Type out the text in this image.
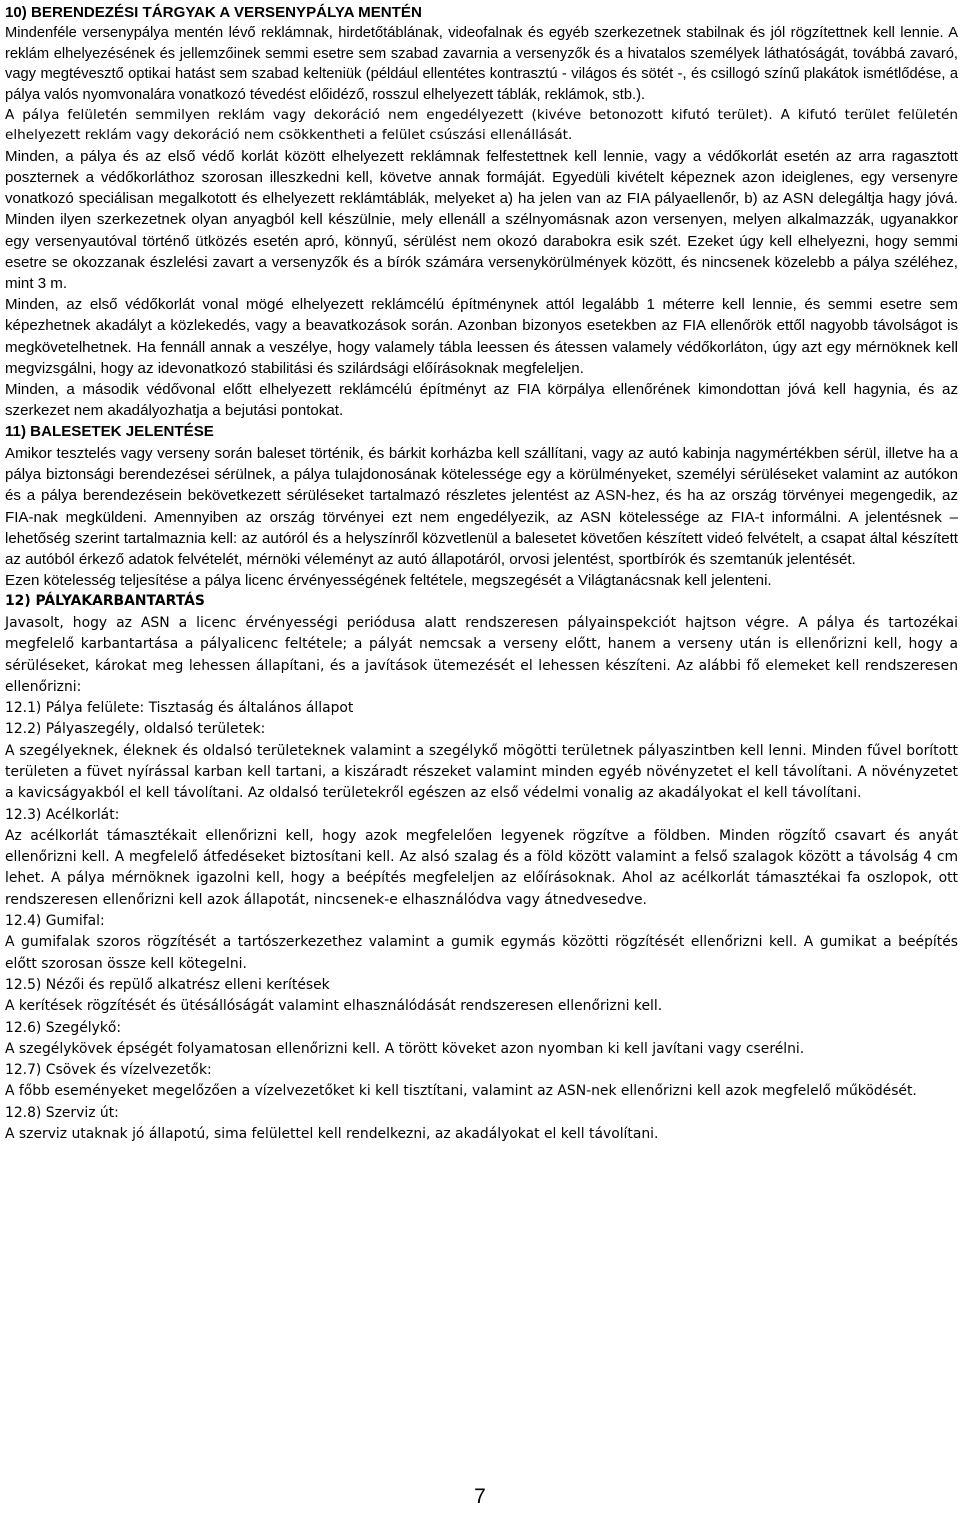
10) BERENDEZÉSI TÁRGYAK A VERSENYPÁLYA MENTÉN

Mindenféle versenypálya mentén lévő reklámnak, hirdetőtáblának, videofalnak és egyéb szerkezetnek stabilnak és jól rögzítettnek kell lennie. A reklám elhelyezésének és jellemzőinek semmi esetre sem szabad zavarnia a versenyzők és a hivatalos személyek láthatóságát, továbbá zavaró, vagy megtévesztő optikai hatást sem szabad kelteniük (például ellentétes kontrasztú - világos és sötét -, és csillogó színű plakátok ismétlődése, a pálya valós nyomvonalára vonatkozó tévedést előidéző, rosszul elhelyezett táblák, reklámok, stb.).

A pálya felületén semmilyen reklám vagy dekoráció nem engedélyezett (kivéve betonozott kifutó terület). A kifutó terület felületén elhelyezett reklám vagy dekoráció nem csökkentheti a felület csúszási ellenállását.

Minden, a pálya és az első védő korlát között elhelyezett reklámnak felfestettnek kell lennie, vagy a védőkorlát esetén az arra ragasztott poszternek a védőkorláthoz szorosan illeszkedni kell, követve annak formáját. Egyedüli kivételt képeznek azon ideiglenes, egy versenyre vonatkozó speciálisan megalkotott és elhelyezett reklámtáblák, melyeket a) ha jelen van az FIA pályaellenőr, b) az ASN delegáltja hagy jóvá. Minden ilyen szerkezetnek olyan anyagból kell készülnie, mely ellenáll a szélnyomásnak azon versenyen, melyen alkalmazzák, ugyanakkor egy versenyautóval történő ütközés esetén apró, könnyű, sérülést nem okozó darabokra esik szét. Ezeket úgy kell elhelyezni, hogy semmi esetre se okozzanak észlelési zavart a versenyzők és a bírók számára versenykörülmények között, és nincsenek közelebb a pálya széléhez, mint 3 m.

Minden, az első védőkorlát vonal mögé elhelyezett reklámcélú építménynek attól legalább 1 méterre kell lennie, és semmi esetre sem képezhetnek akadályt a közlekedés, vagy a beavatkozások során. Azonban bizonyos esetekben az FIA ellenőrök ettől nagyobb távolságot is megkövetelhetnek. Ha fennáll annak a veszélye, hogy valamely tábla leessen és átessen valamely védőkorláton, úgy azt egy mérnöknek kell megvizsgálni, hogy az idevonatkozó stabilitási és szilárdsági előírásoknak megfeleljen.

Minden, a második védővonal előtt elhelyezett reklámcélú építményt az FIA körpálya ellenőrének kimondottan jóvá kell hagynia, és az szerkezet nem akadályozhatja a bejutási pontokat.

11) BALESETEK JELENTÉSE

Amikor tesztelés vagy verseny során baleset történik, és bárkit korházba kell szállítani, vagy az autó kabinja nagymértékben sérül, illetve ha a pálya biztonsági berendezései sérülnek, a pálya tulajdonosának kötelessége egy a körülményeket, személyi sérüléseket valamint az autókon és a pálya berendezésein bekövetkezett sérüléseket tartalmazó részletes jelentést az ASN-hez, és ha az ország törvényei megengedik, az FIA-nak megküldeni. Amennyiben az ország törvényei ezt nem engedélyezik, az ASN kötelessége az FIA-t informálni. A jelentésnek – lehetőség szerint tartalmaznia kell: az autóról és a helyszínről közvetlenül a balesetet követően készített videó felvételt, a csapat által készített az autóból érkező adatok felvételét, mérnöki véleményt az autó állapotáról, orvosi jelentést, sportbírók és szemtanúk jelentését.

Ezen kötelesség teljesítése a pálya licenc érvényességének feltétele, megszegését a Világtanácsnak kell jelenteni.

12) PÁLYAKARBANTARTÁS

Javasolt, hogy az ASN a licenc érvényességi periódusa alatt rendszeresen pályainspekciót hajtson végre. A pálya és tartozékai megfelelő karbantartása a pályalicenc feltétele; a pályát nemcsak a verseny előtt, hanem a verseny után is ellenőrizni kell, hogy a sérüléseket, károkat meg lehessen állapítani, és a javítások ütemezését el lehessen készíteni. Az alábbi fő elemeket kell rendszeresen ellenőrizni:

12.1) Pálya felülete: Tisztaság és általános állapot

12.2) Pályaszegély, oldalsó területek:

A szegélyeknek, éleknek és oldalsó területeknek valamint a szegélykő mögötti területnek pályaszintben kell lenni. Minden fűvel borított területen a füvet nyírással karban kell tartani, a kiszáradt részeket valamint minden egyéb növényzetet el kell távolítani. A növényzetet a kavicságyakból el kell távolítani. Az oldalsó területekről egészen az első védelmi vonalig az akadályokat el kell távolítani.

12.3) Acélkorlát:

Az acélkorlát támasztékait ellenőrizni kell, hogy azok megfelelően legyenek rögzítve a földben. Minden rögzítő csavart és anyát ellenőrizni kell. A megfelelő átfedéseket biztosítani kell. Az alsó szalag és a föld között valamint a felső szalagok között a távolság 4 cm lehet. A pálya mérnöknek igazolni kell, hogy a beépítés megfeleljen az előírásoknak. Ahol az acélkorlát támasztékai fa oszlopok, ott rendszeresen ellenőrizni kell azok állapotát, nincsenek-e elhasználódva vagy átnedvesedve.

12.4) Gumifal:

A gumifalak szoros rögzítését a tartószerkezethez valamint a gumik egymás közötti rögzítését ellenőrizni kell. A gumikat a beépítés előtt szorosan össze kell kötegelni.

12.5) Nézői és repülő alkatrész elleni kerítések

A kerítések rögzítését és ütésállóságát valamint elhasználódását rendszeresen ellenőrizni kell.

12.6) Szegélykő:

A szegélykövek épségét folyamatosan ellenőrizni kell. A törött köveket azon nyomban ki kell javítani vagy cserélni.

12.7) Csövek és vízelvezetők:

A főbb eseményeket megelőzően a vízelvezetőket ki kell tisztítani, valamint az ASN-nek ellenőrizni kell azok megfelelő működését.

12.8) Szerviz út:

A szerviz utaknak jó állapotú, sima felülettel kell rendelkezni, az akadályokat el kell távolítani.

7
